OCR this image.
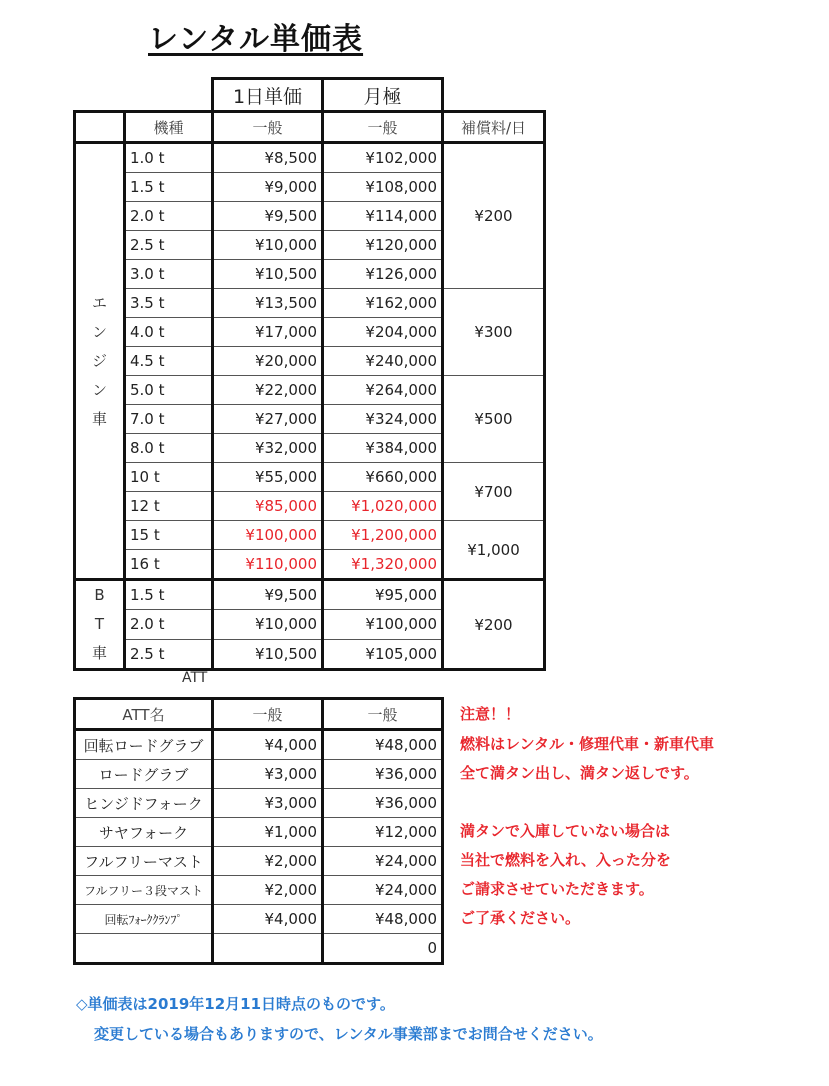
レンタル単価表
		1日単価	月極	
	機種	一般	一般	補償料/日

エ
ン
ジ
ン
車	1.0 t	¥8,500	¥102,000	¥200
	1.5 t	¥9,000	¥108,000	
	2.0 t	¥9,500	¥114,000	
	2.5 t	¥10,000	¥120,000	
	3.0 t	¥10,500	¥126,000	
	3.5 t	¥13,500	¥162,000	¥300
	4.0 t	¥17,000	¥204,000	
	4.5 t	¥20,000	¥240,000	
	5.0 t	¥22,000	¥264,000	¥500
	7.0 t	¥27,000	¥324,000	
	8.0 t	¥32,000	¥384,000	
	10 t	¥55,000	¥660,000	¥700
	12 t	¥85,000	¥1,020,000	
	15 t	¥100,000	¥1,200,000	¥1,000
	16 t	¥110,000	¥1,320,000	

B
T
車	1.5 t	¥9,500	¥95,000	¥200
	2.0 t	¥10,000	¥100,000	
	2.5 t	¥10,500	¥105,000	
ATT
ATT名	一般	一般
回転ロードグラブ	¥4,000	¥48,000
ロードグラブ	¥3,000	¥36,000
ヒンジドフォーク	¥3,000	¥36,000
サヤフォーク	¥1,000	¥12,000
フルフリーマスト	¥2,000	¥24,000
フルフリー３段マスト	¥2,000	¥24,000
回転ﾌｫｰｸｸﾗﾝﾌﾟ	¥4,000	¥48,000
		0
注意！！
燃料はレンタル・修理代車・新車代車
全て満タン出し、満タン返しです。
満タンで入庫していない場合は
当社で燃料を入れ、入った分を
ご請求させていただきます。
ご了承ください。
◇単価表は2019年12月11日時点のものです。
変更している場合もありますので、レンタル事業部までお問合せください。
